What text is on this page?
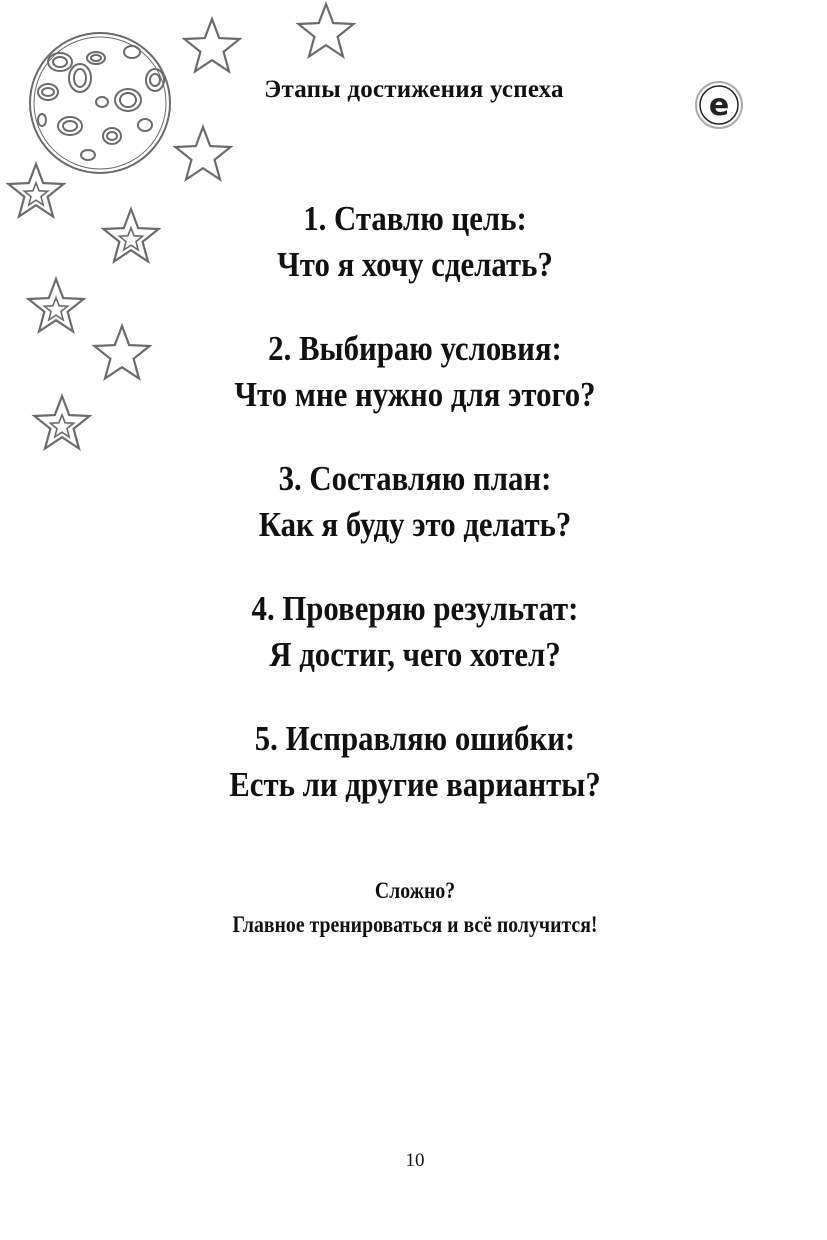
Этапы достижения успеха	e
1. Ставлю цель:
Что я хочу сделать?
2. Выбираю условия:
Что мне нужно для этого?
3. Составляю план:
Как я буду это делать?
4. Проверяю результат:
Я достиг, чего хотел?
5. Исправляю ошибки:
Есть ли другие варианты?
Сложно?
Главное тренироваться и всё получится!
10
